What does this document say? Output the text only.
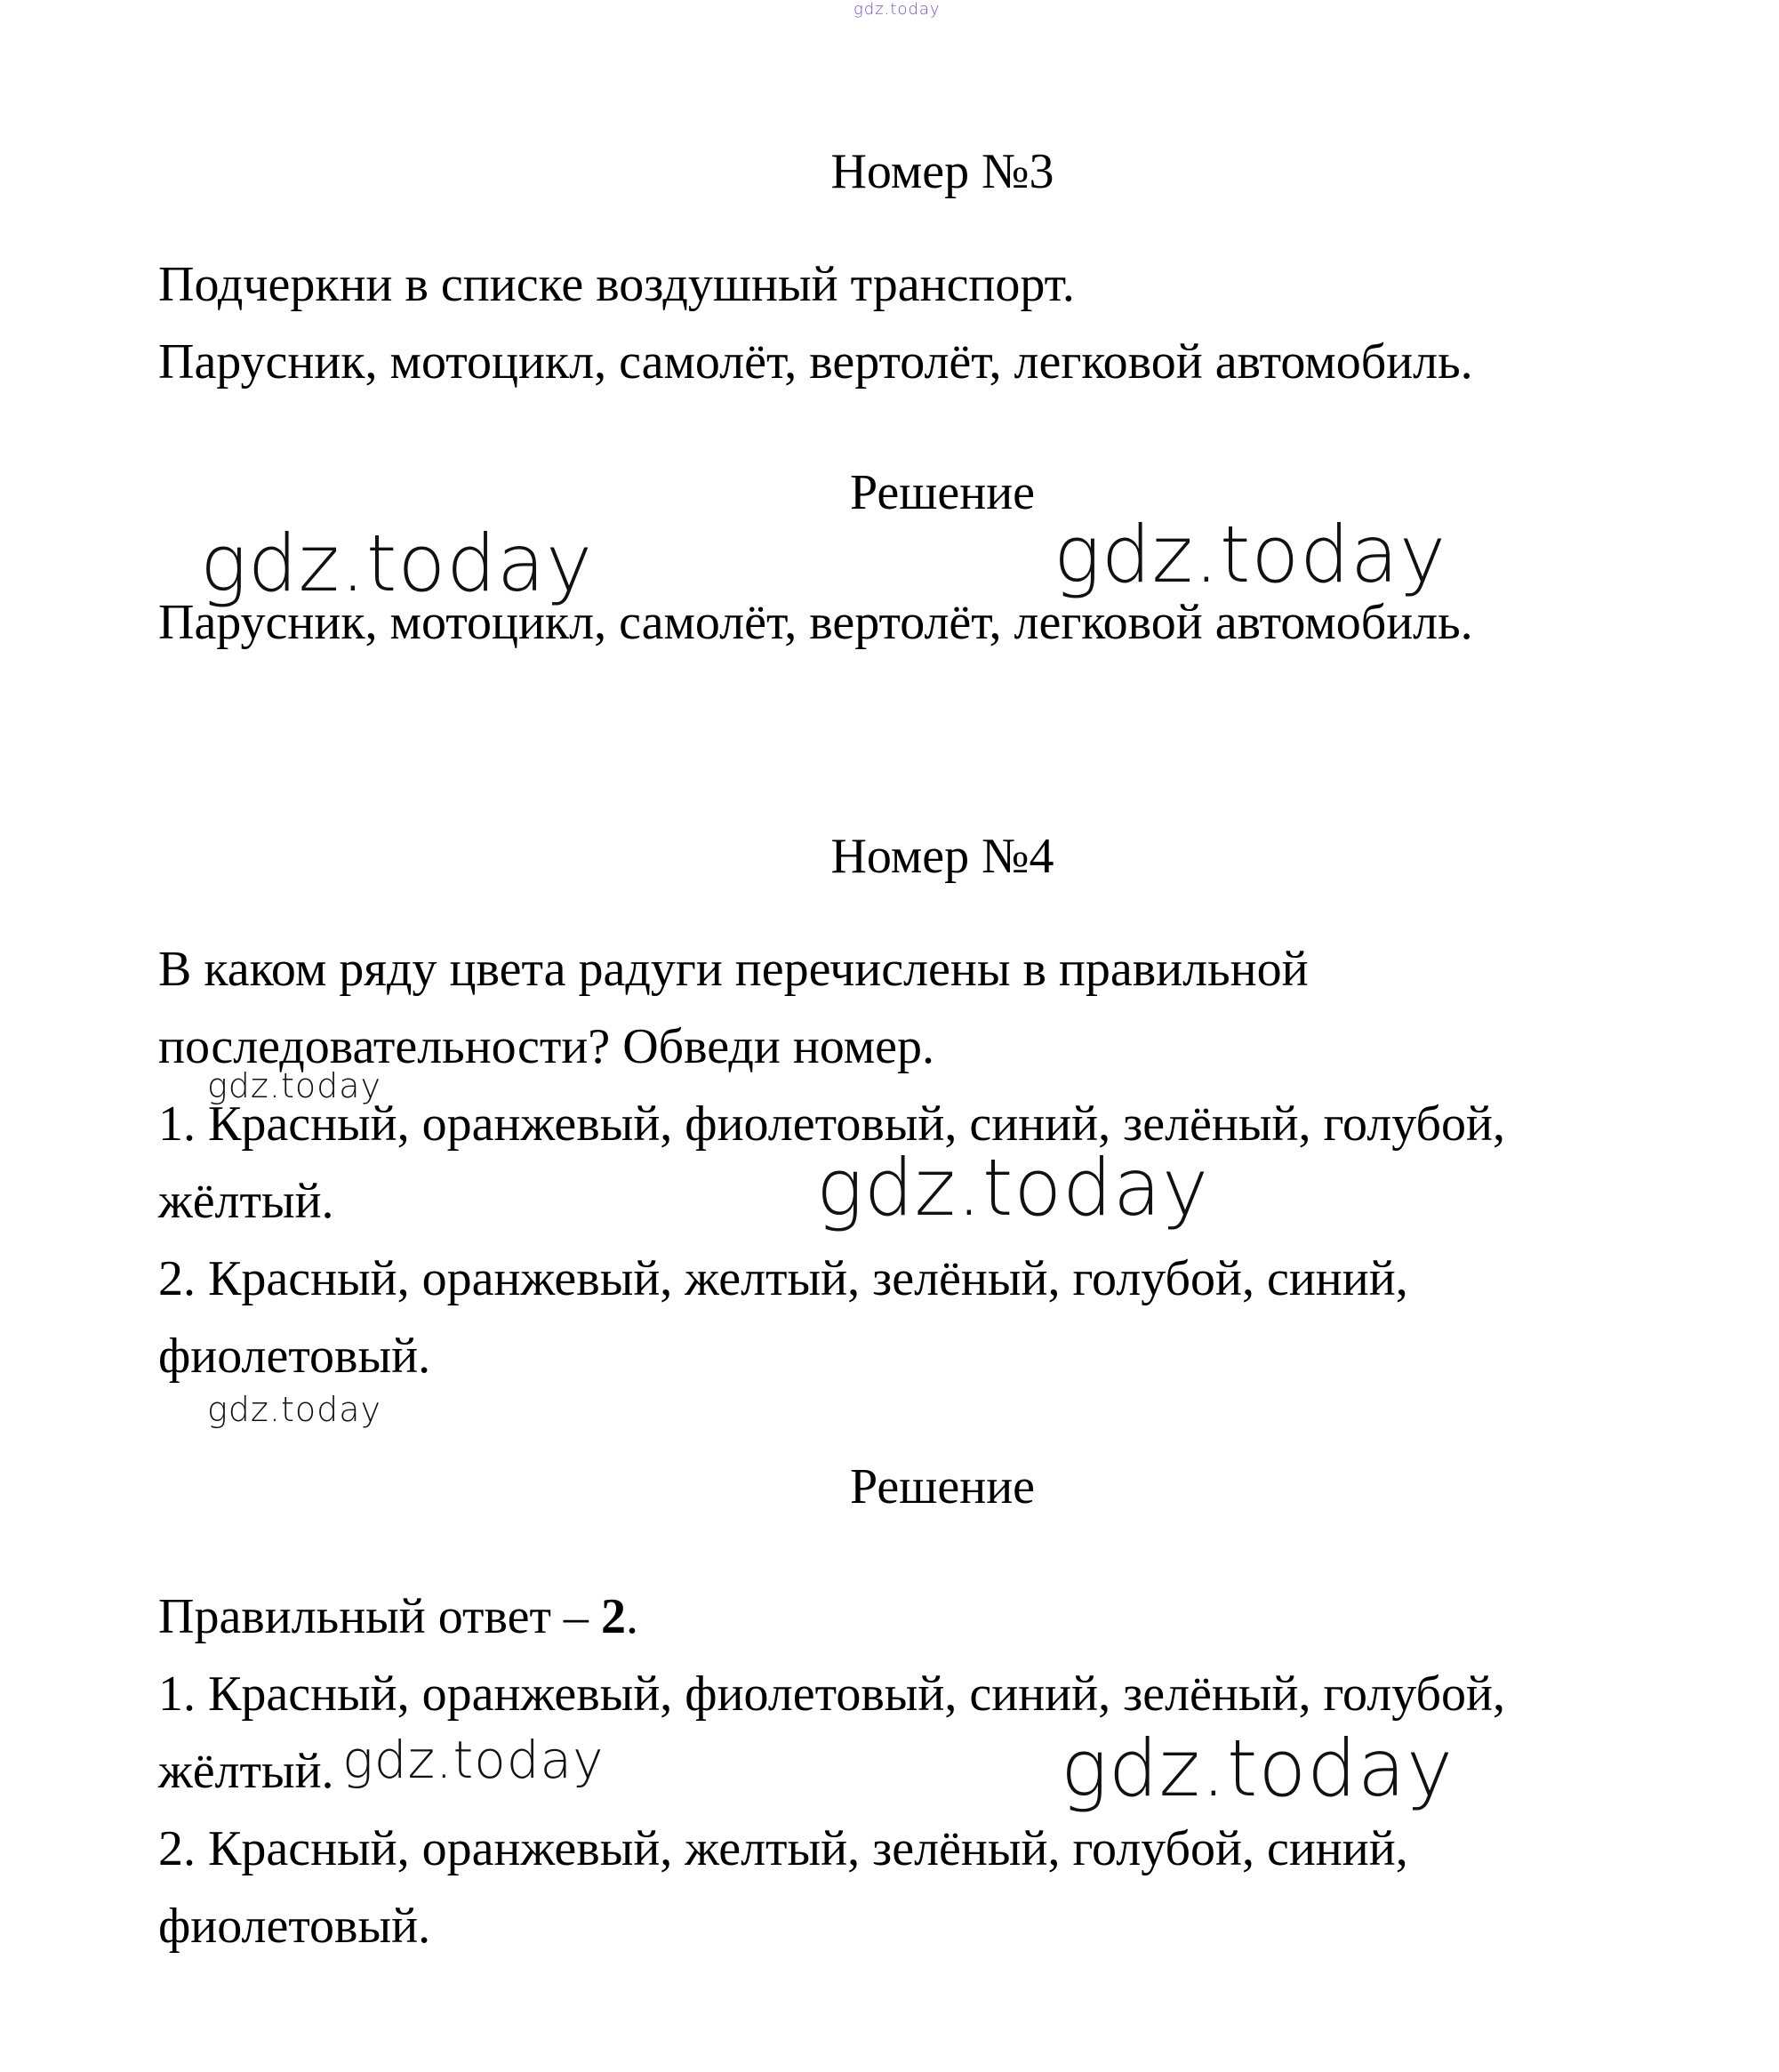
gdz.today
Номер №3
Подчеркни в списке воздушный транспорт.
Парусник, мотоцикл, самолёт, вертолёт, легковой автомобиль.
Решение
Парусник, мотоцикл, самолёт, вертолёт, легковой автомобиль.
Номер №4
В каком ряду цвета радуги перечислены в правильной
последовательности? Обведи номер.
1. Красный, оранжевый, фиолетовый, синий, зелёный, голубой,
жёлтый.
2. Красный, оранжевый, желтый, зелёный, голубой, синий,
фиолетовый.
Решение
Правильный ответ – 2.
1. Красный, оранжевый, фиолетовый, синий, зелёный, голубой,
жёлтый.
2. Красный, оранжевый, желтый, зелёный, голубой, синий,
фиолетовый.
gdz.today	gdz.today
gdz.today
gdz.today
gdz.today
gdz.today	gdz.today
